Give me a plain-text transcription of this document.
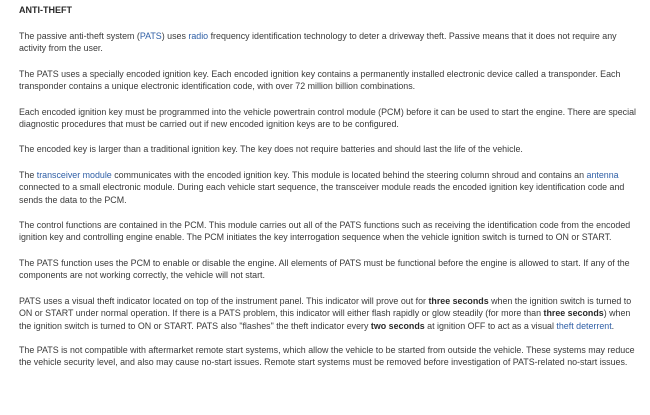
ANTI-THEFT

The passive anti-theft system (PATS) uses radio frequency identification technology to deter a driveway theft. Passive means that it does not require any activity from the user.

The PATS uses a specially encoded ignition key. Each encoded ignition key contains a permanently installed electronic device called a transponder. Each transponder contains a unique electronic identification code, with over 72 million billion combinations.

Each encoded ignition key must be programmed into the vehicle powertrain control module (PCM) before it can be used to start the engine. There are special diagnostic procedures that must be carried out if new encoded ignition keys are to be configured.

The encoded key is larger than a traditional ignition key. The key does not require batteries and should last the life of the vehicle.

The transceiver module communicates with the encoded ignition key. This module is located behind the steering column shroud and contains an antenna connected to a small electronic module. During each vehicle start sequence, the transceiver module reads the encoded ignition key identification code and sends the data to the PCM.

The control functions are contained in the PCM. This module carries out all of the PATS functions such as receiving the identification code from the encoded ignition key and controlling engine enable. The PCM initiates the key interrogation sequence when the vehicle ignition switch is turned to ON or START.

The PATS function uses the PCM to enable or disable the engine. All elements of PATS must be functional before the engine is allowed to start. If any of the components are not working correctly, the vehicle will not start.

PATS uses a visual theft indicator located on top of the instrument panel. This indicator will prove out for three seconds when the ignition switch is turned to ON or START under normal operation. If there is a PATS problem, this indicator will either flash rapidly or glow steadily (for more than three seconds) when the ignition switch is turned to ON or START. PATS also "flashes" the theft indicator every two seconds at ignition OFF to act as a visual theft deterrent.

The PATS is not compatible with aftermarket remote start systems, which allow the vehicle to be started from outside the vehicle. These systems may reduce the vehicle security level, and also may cause no-start issues. Remote start systems must be removed before investigation of PATS-related no-start issues.
